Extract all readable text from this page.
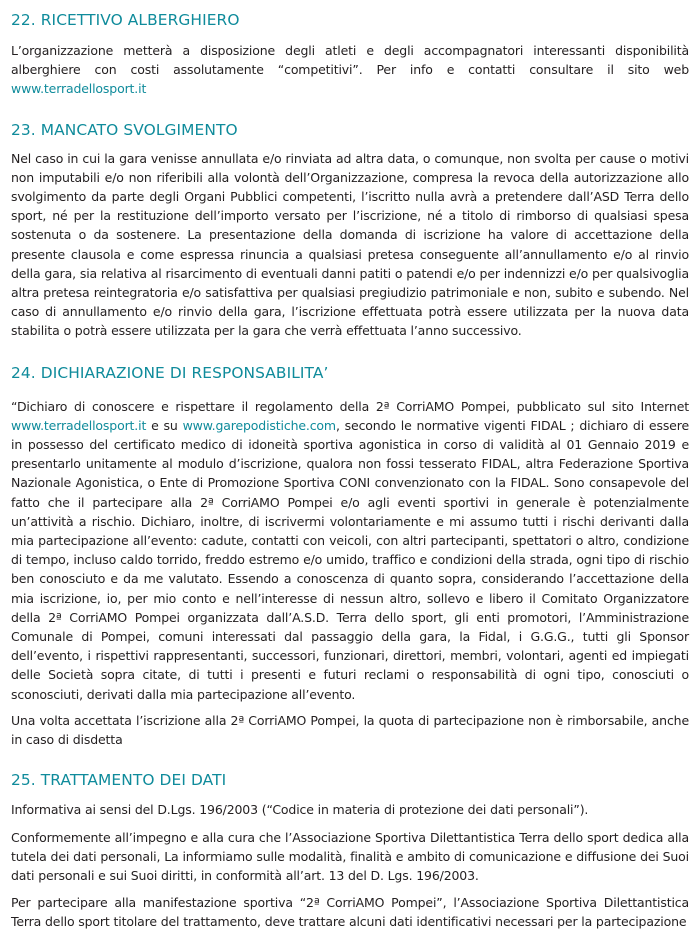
22. RICETTIVO ALBERGHIERO

L’organizzazione metterà a disposizione degli atleti e degli accompagnatori interessanti disponibilità alberghiere con costi assolutamente “competitivi”. Per info e contatti consultare il sito web www.terradellosport.it

23. MANCATO SVOLGIMENTO

Nel caso in cui la gara venisse annullata e/o rinviata ad altra data, o comunque, non svolta per cause o motivi non imputabili e/o non riferibili alla volontà dell’Organizzazione, compresa la revoca della autorizzazione allo svolgimento da parte degli Organi Pubblici competenti, l’iscritto nulla avrà a pretendere dall’ASD Terra dello sport, né per la restituzione dell’importo versato per l’iscrizione, né a titolo di rimborso di qualsiasi spesa sostenuta o da sostenere. La presentazione della domanda di iscrizione ha valore di accettazione della presente clausola e come espressa rinuncia a qualsiasi pretesa conseguente all’annullamento e/o al rinvio della gara, sia relativa al risarcimento di eventuali danni patiti o patendi e/o per indennizzi e/o per qualsivoglia altra pretesa reintegratoria e/o satisfattiva per qualsiasi pregiudizio patrimoniale e non, subito e subendo. Nel caso di annullamento e/o rinvio della gara, l’iscrizione effettuata potrà essere utilizzata per la nuova data stabilita o potrà essere utilizzata per la gara che verrà effettuata l’anno successivo.

24. DICHIARAZIONE DI RESPONSABILITA’

“Dichiaro di conoscere e rispettare il regolamento della 2ª CorriAMO Pompei, pubblicato sul sito Internet www.terradellosport.it e su www.garepodistiche.com, secondo le normative vigenti FIDAL ; dichiaro di essere in possesso del certificato medico di idoneità sportiva agonistica in corso di validità al 01 Gennaio 2019 e presentarlo unitamente al modulo d’iscrizione, qualora non fossi tesserato FIDAL, altra Federazione Sportiva Nazionale Agonistica, o Ente di Promozione Sportiva CONI convenzionato con la FIDAL. Sono consapevole del fatto che il partecipare alla 2ª CorriAMO Pompei e/o agli eventi sportivi in generale è potenzialmente un’attività a rischio. Dichiaro, inoltre, di iscrivermi volontariamente e mi assumo tutti i rischi derivanti dalla mia partecipazione all’evento: cadute, contatti con veicoli, con altri partecipanti, spettatori o altro, condizione di tempo, incluso caldo torrido, freddo estremo e/o umido, traffico e condizioni della strada, ogni tipo di rischio ben conosciuto e da me valutato. Essendo a conoscenza di quanto sopra, considerando l’accettazione della mia iscrizione, io, per mio conto e nell’interesse di nessun altro, sollevo e libero il Comitato Organizzatore della 2ª CorriAMO Pompei organizzata dall’A.S.D. Terra dello sport, gli enti promotori, l’Amministrazione Comunale di Pompei, comuni interessati dal passaggio della gara, la Fidal, i G.G.G., tutti gli Sponsor dell’evento, i rispettivi rappresentanti, successori, funzionari, direttori, membri, volontari, agenti ed impiegati delle Società sopra citate, di tutti i presenti e futuri reclami o responsabilità di ogni tipo, conosciuti o sconosciuti, derivati dalla mia partecipazione all’evento.

Una volta accettata l’iscrizione alla 2ª CorriAMO Pompei, la quota di partecipazione non è rimborsabile, anche in caso di disdetta

25. TRATTAMENTO DEI DATI

Informativa ai sensi del D.Lgs. 196/2003 (“Codice in materia di protezione dei dati personali”).

Conformemente all’impegno e alla cura che l’Associazione Sportiva Dilettantistica Terra dello sport dedica alla tutela dei dati personali, La informiamo sulle modalità, finalità e ambito di comunicazione e diffusione dei Suoi dati personali e sui Suoi diritti, in conformità all’art. 13 del D. Lgs. 196/2003.

Per partecipare alla manifestazione sportiva “2ª CorriAMO Pompei”, l’Associazione Sportiva Dilettantistica Terra dello sport titolare del trattamento, deve trattare alcuni dati identificativi necessari per la partecipazione
